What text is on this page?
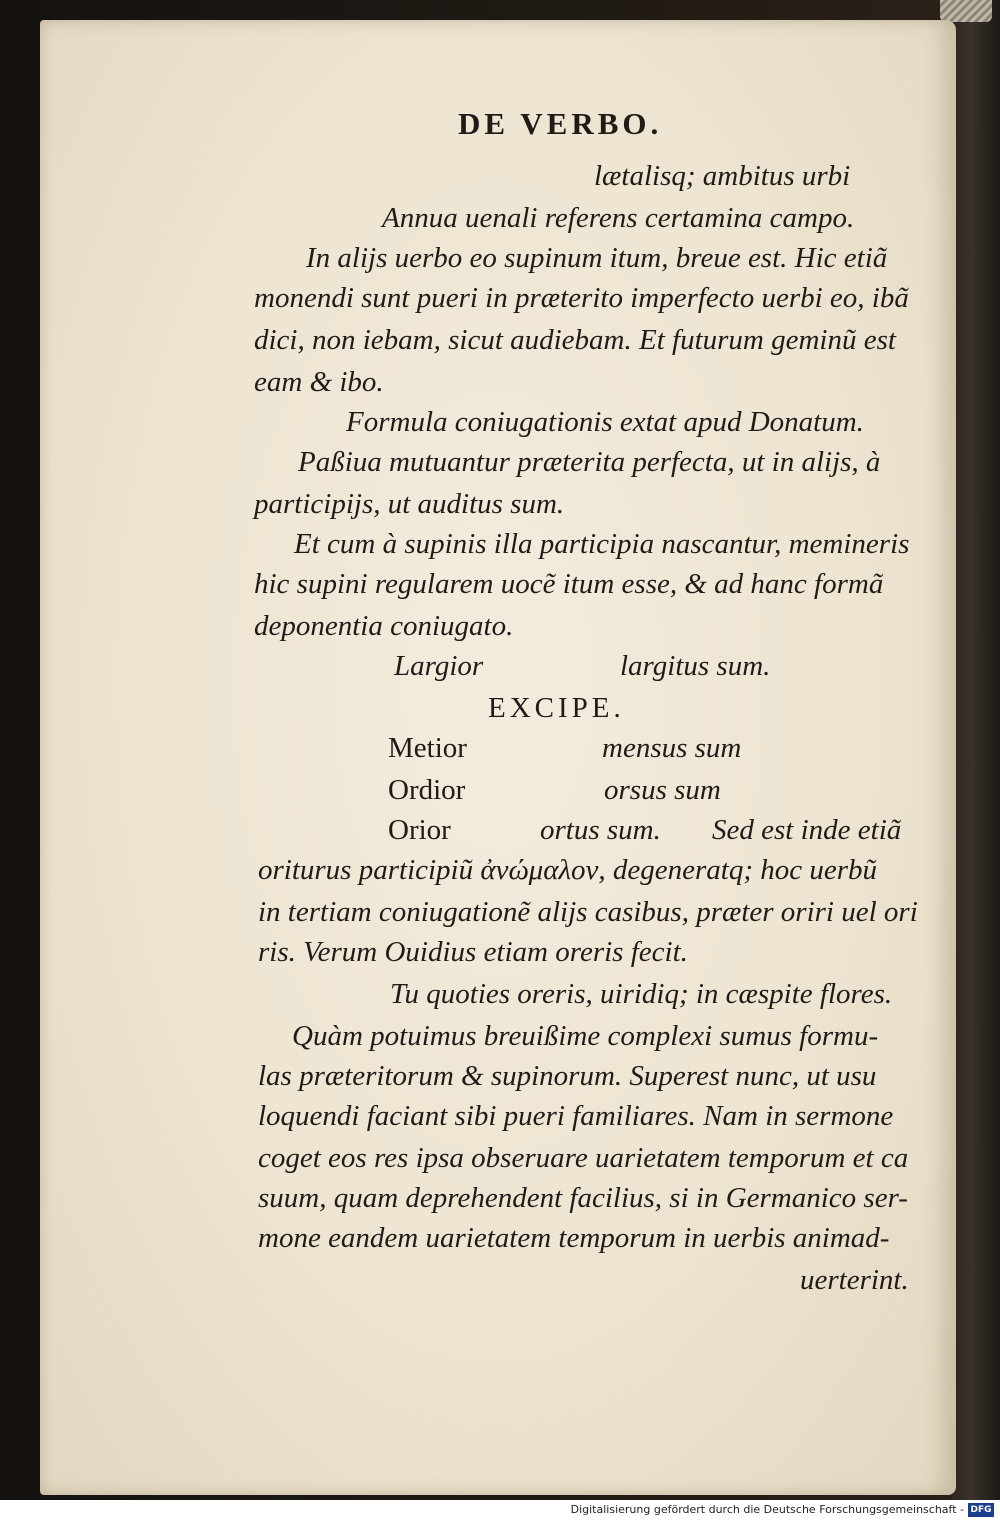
DE VERBO.
lætalisq; ambitus urbi
Annua uenali referens certamina campo.
In alijs uerbo eo supinum itum, breue est. Hic etiã
monendi sunt pueri in præterito imperfecto uerbi eo, ibã
dici, non iebam, sicut audiebam. Et futurum geminũ est
eam & ibo.
Formula coniugationis extat apud Donatum.
Paßiua mutuantur præterita perfecta, ut in alijs, à
participijs, ut auditus sum.
Et cum à supinis illa participia nascantur, memineris
hic supini regularem uocẽ itum esse, & ad hanc formã
deponentia coniugato.
Largior	largitus sum.
EXCIPE.
Metior	mensus sum
Ordior	orsus sum
Orior	ortus sum. Sed est inde etiã
oriturus participiũ ἀνώμαλον, degeneratq; hoc uerbũ
in tertiam coniugationẽ alijs casibus, præter oriri uel ori
ris. Verum Ouidius etiam oreris fecit.
Tu quoties oreris, uiridiq; in cæspite flores.
Quàm potuimus breuißime complexi sumus formu-
las præteritorum & supinorum. Superest nunc, ut usu
loquendi faciant sibi pueri familiares. Nam in sermone
coget eos res ipsa obseruare uarietatem temporum et ca
suum, quam deprehendent facilius, si in Germanico ser-
mone eandem uarietatem temporum in uerbis animad-
uerterint.
Digitalisierung gefördert durch die Deutsche Forschungsgemeinschaft - DFG
